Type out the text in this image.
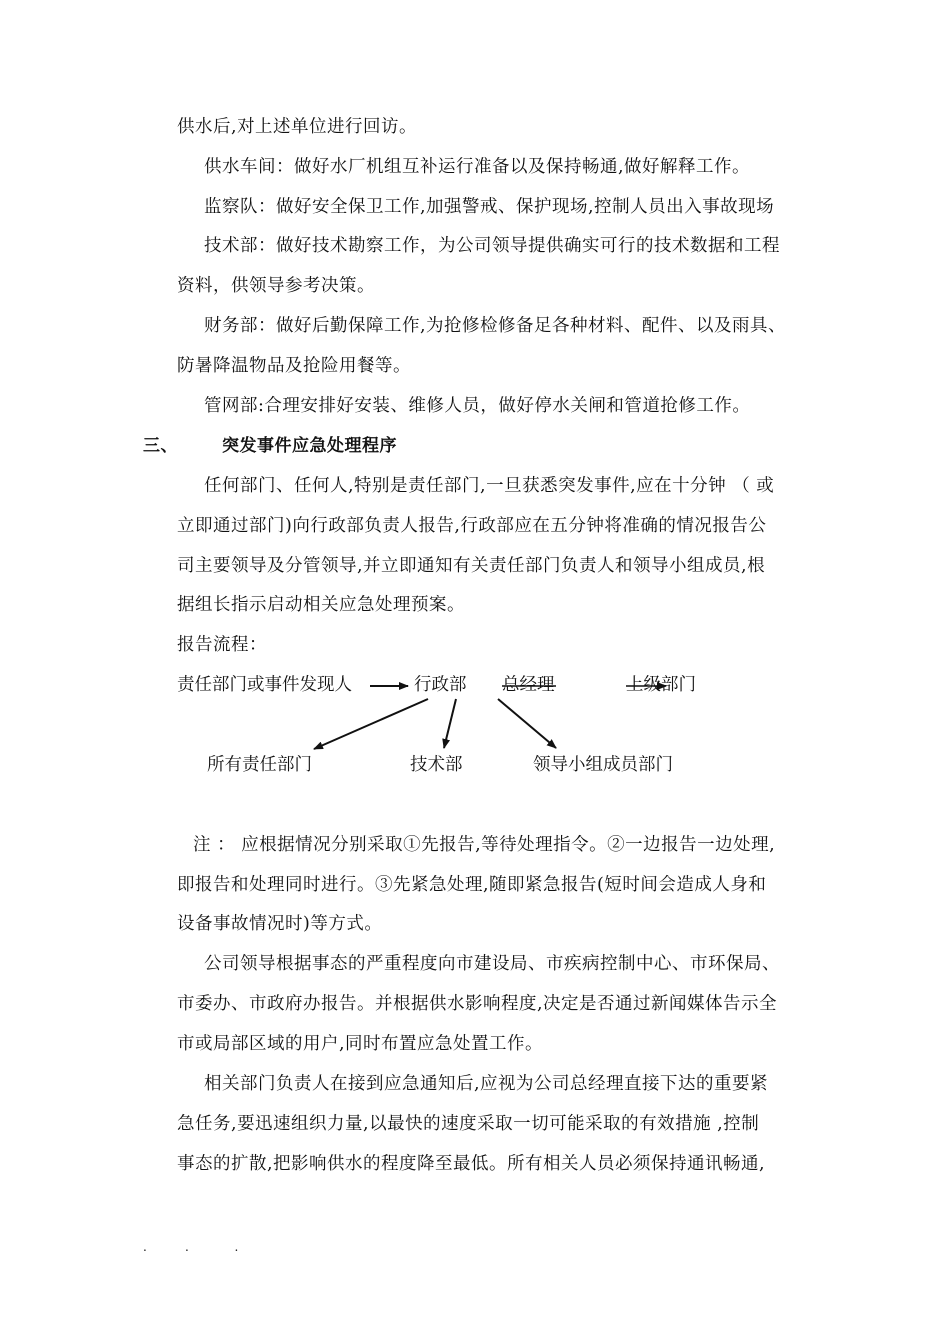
供水后,对上述单位进行回访。
供水车间：做好水厂机组互补运行准备以及保持畅通,做好解释工作。
监察队：做好安全保卫工作,加强警戒、保护现场,控制人员出入事故现场
技术部：做好技术勘察工作，为公司领导提供确实可行的技术数据和工程
资料，供领导参考决策。
财务部：做好后勤保障工作,为抢修检修备足各种材料、配件、以及雨具、
防暑降温物品及抢险用餐等。
管网部:合理安排好安装、维修人员，做好停水关闸和管道抢修工作。
三、	突发事件应急处理程序
任何部门、任何人,特别是责任部门,一旦获悉突发事件,应在十分钟 （ 或
立即通过部门)向行政部负责人报告,行政部应在五分钟将准确的情况报告公
司主要领导及分管领导,并立即通知有关责任部门负责人和领导小组成员,根
据组长指示启动相关应急处理预案。
报告流程：
责任部门或事件发现人	行政部 总经理	上级部门
所有责任部门	技术部	领导小组成员部门
注 ： 应根据情况分别采取①先报告,等待处理指令。②一边报告一边处理,
即报告和处理同时进行。③先紧急处理,随即紧急报告(短时间会造成人身和
设备事故情况时)等方式。
公司领导根据事态的严重程度向市建设局、市疾病控制中心、市环保局、
市委办、市政府办报告。并根据供水影响程度,决定是否通过新闻媒体告示全
市或局部区域的用户,同时布置应急处置工作。
相关部门负责人在接到应急通知后,应视为公司总经理直接下达的重要紧
急任务,要迅速组织力量,以最快的速度采取一切可能采取的有效措施 ,控制
事态的扩散,把影响供水的程度降至最低。所有相关人员必须保持通讯畅通,
.          .            .
